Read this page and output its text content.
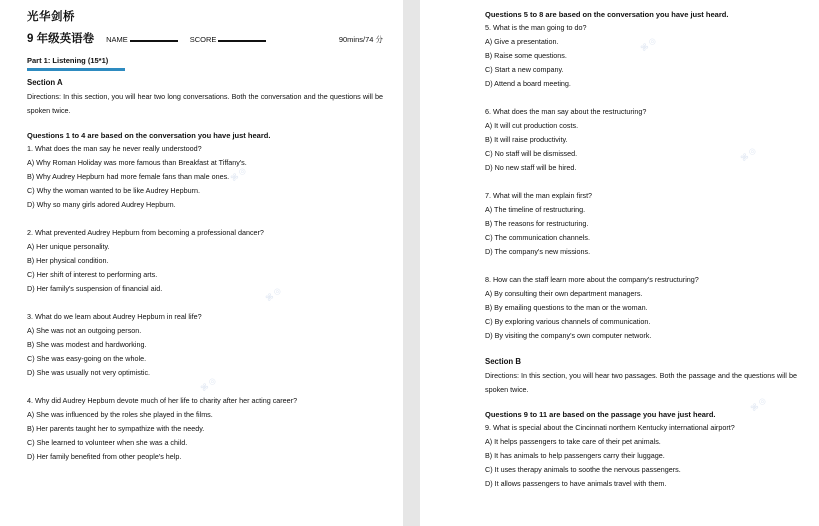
光华剑桥
9 年级英语卷 NAME	SCORE	90mins/74 分
Part 1: Listening (15*1)
Section A
Directions: In this section, you will hear two long conversations. Both the conversation and the questions will be spoken twice.
Questions 1 to 4 are based on the conversation you have just heard.
1. What does the man say he never really understood?
A) Why Roman Holiday was more famous than Breakfast at Tiffany's.
B) Why Audrey Hepburn had more female fans than male ones.
C) Why the woman wanted to be like Audrey Hepburn.
D) Why so many girls adored Audrey Hepburn.
2. What prevented Audrey Hepburn from becoming a professional dancer?
A) Her unique personality.
B) Her physical condition.
C) Her shift of interest to performing arts.
D) Her family's suspension of financial aid.
3. What do we learn about Audrey Hepburn in real life?
A) She was not an outgoing person.
B) She was modest and hardworking.
C) She was easy-going on the whole.
D) She was usually not very optimistic.
4. Why did Audrey Hepburn devote much of her life to charity after her acting career?
A) She was influenced by the roles she played in the films.
B) Her parents taught her to sympathize with the needy.
C) She learned to volunteer when she was a child.
D) Her family benefited from other people's help.
⌘ ◎
⌘ ◎
⌘ ◎
Questions 5 to 8 are based on the conversation you have just heard.
5. What is the man going to do?
A) Give a presentation.
B) Raise some questions.
C) Start a new company.
D) Attend a board meeting.
6. What does the man say about the restructuring?
A) It will cut production costs.
B) It will raise productivity.
C) No staff will be dismissed.
D) No new staff will be hired.
7. What will the man explain first?
A) The timeline of restructuring.
B) The reasons for restructuring.
C) The communication channels.
D) The company's new missions.
8. How can the staff learn more about the company's restructuring?
A) By consulting their own department managers.
B) By emailing questions to the man or the woman.
C) By exploring various channels of communication.
D) By visiting the company's own computer network.
Section B
Directions: In this section, you will hear two passages. Both the passage and the questions will be spoken twice.
Questions 9 to 11 are based on the passage you have just heard.
9. What is special about the Cincinnati northern Kentucky international airport?
A) It helps passengers to take care of their pet animals.
B) It has animals to help passengers carry their luggage.
C) It uses therapy animals to soothe the nervous passengers.
D) It allows passengers to have animals travel with them.
⌘ ◎
⌘ ◎
⌘ ◎
